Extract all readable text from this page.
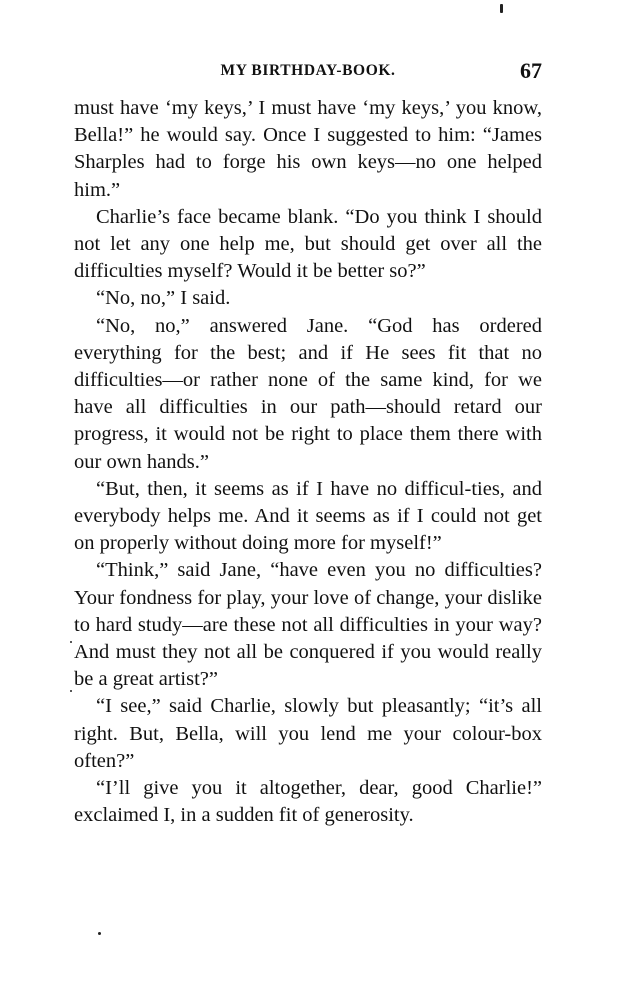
MY BIRTHDAY-BOOK.	67

must have ‘my keys,’ I must have ‘my keys,’ you know, Bella!” he would say. Once I suggested to him: “James Sharples had to forge his own keys—no one helped him.”

Charlie’s face became blank. “Do you think I should not let any one help me, but should get over all the difficulties myself? Would it be better so?”

“No, no,” I said.

“No, no,” answered Jane. “God has ordered everything for the best; and if He sees fit that no difficulties—or rather none of the same kind, for we have all difficulties in our path—should retard our progress, it would not be right to place them there with our own hands.”

“But, then, it seems as if I have no difficul-ties, and everybody helps me. And it seems as if I could not get on properly without doing more for myself!”

“Think,” said Jane, “have even you no difficulties? Your fondness for play, your love of change, your dislike to hard study—are these not all difficulties in your way? And must they not all be conquered if you would really be a great artist?”

“I see,” said Charlie, slowly but pleasantly; “it’s all right. But, Bella, will you lend me your colour-box often?”

“I’ll give you it altogether, dear, good Charlie!” exclaimed I, in a sudden fit of generosity.
